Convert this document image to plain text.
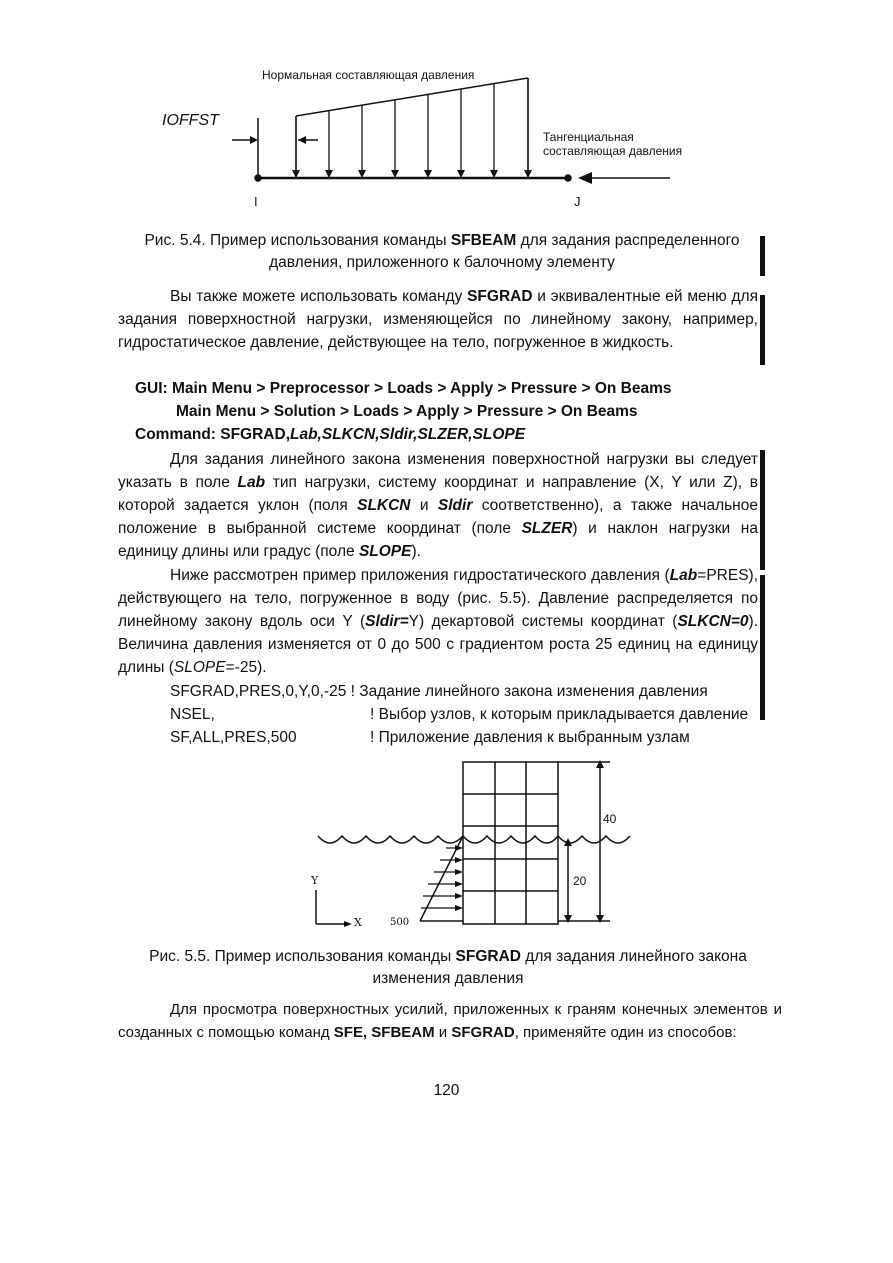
Нормальная составляющая давления
IOFFST
Тангенциальная составляющая давления
I	J
Рис. 5.4. Пример использования команды SFBEAM для задания распределенного давления, приложенного к балочному элементу
Вы также можете использовать команду SFGRAD и эквивалентные ей меню для задания поверхностной нагрузки, изменяющейся по линейному закону, например, гидростатическое давление, действующее на тело, погруженное в жидкость.
GUI: Main Menu > Preprocessor > Loads > Apply > Pressure > On Beams
Main Menu > Solution > Loads > Apply > Pressure > On Beams
Command: SFGRAD,Lab,SLKCN,Sldir,SLZER,SLOPE
Для задания линейного закона изменения поверхностной нагрузки вы следует указать в поле Lab тип нагрузки, систему координат и направление (X, Y или Z), в которой задается уклон (поля SLKCN и Sldir соответственно), а также начальное положение в выбранной системе координат (поле SLZER) и наклон нагрузки на единицу длины или градус (поле SLOPE).
Ниже рассмотрен пример приложения гидростатического давления (Lab=PRES), действующего на тело, погруженное в воду (рис. 5.5). Давление распределяется по линейному закону вдоль оси Y (Sldir=Y) декартовой системы координат (SLKCN=0). Величина давления изменяется от 0 до 500 с градиентом роста 25 единиц на единицу длины (SLOPE=-25).
SFGRAD,PRES,0,Y,0,-25 ! Задание линейного закона изменения давления
NSEL,	! Выбор узлов, к которым прикладывается давление
SF,ALL,PRES,500	! Приложение давления к выбранным узлам
40
20
Y
X	500
Рис. 5.5. Пример использования команды SFGRAD для задания линейного закона изменения давления
Для просмотра поверхностных усилий, приложенных к граням конечных элементов и созданных с помощью команд SFE, SFBEAM и SFGRAD, применяйте один из способов:
120
